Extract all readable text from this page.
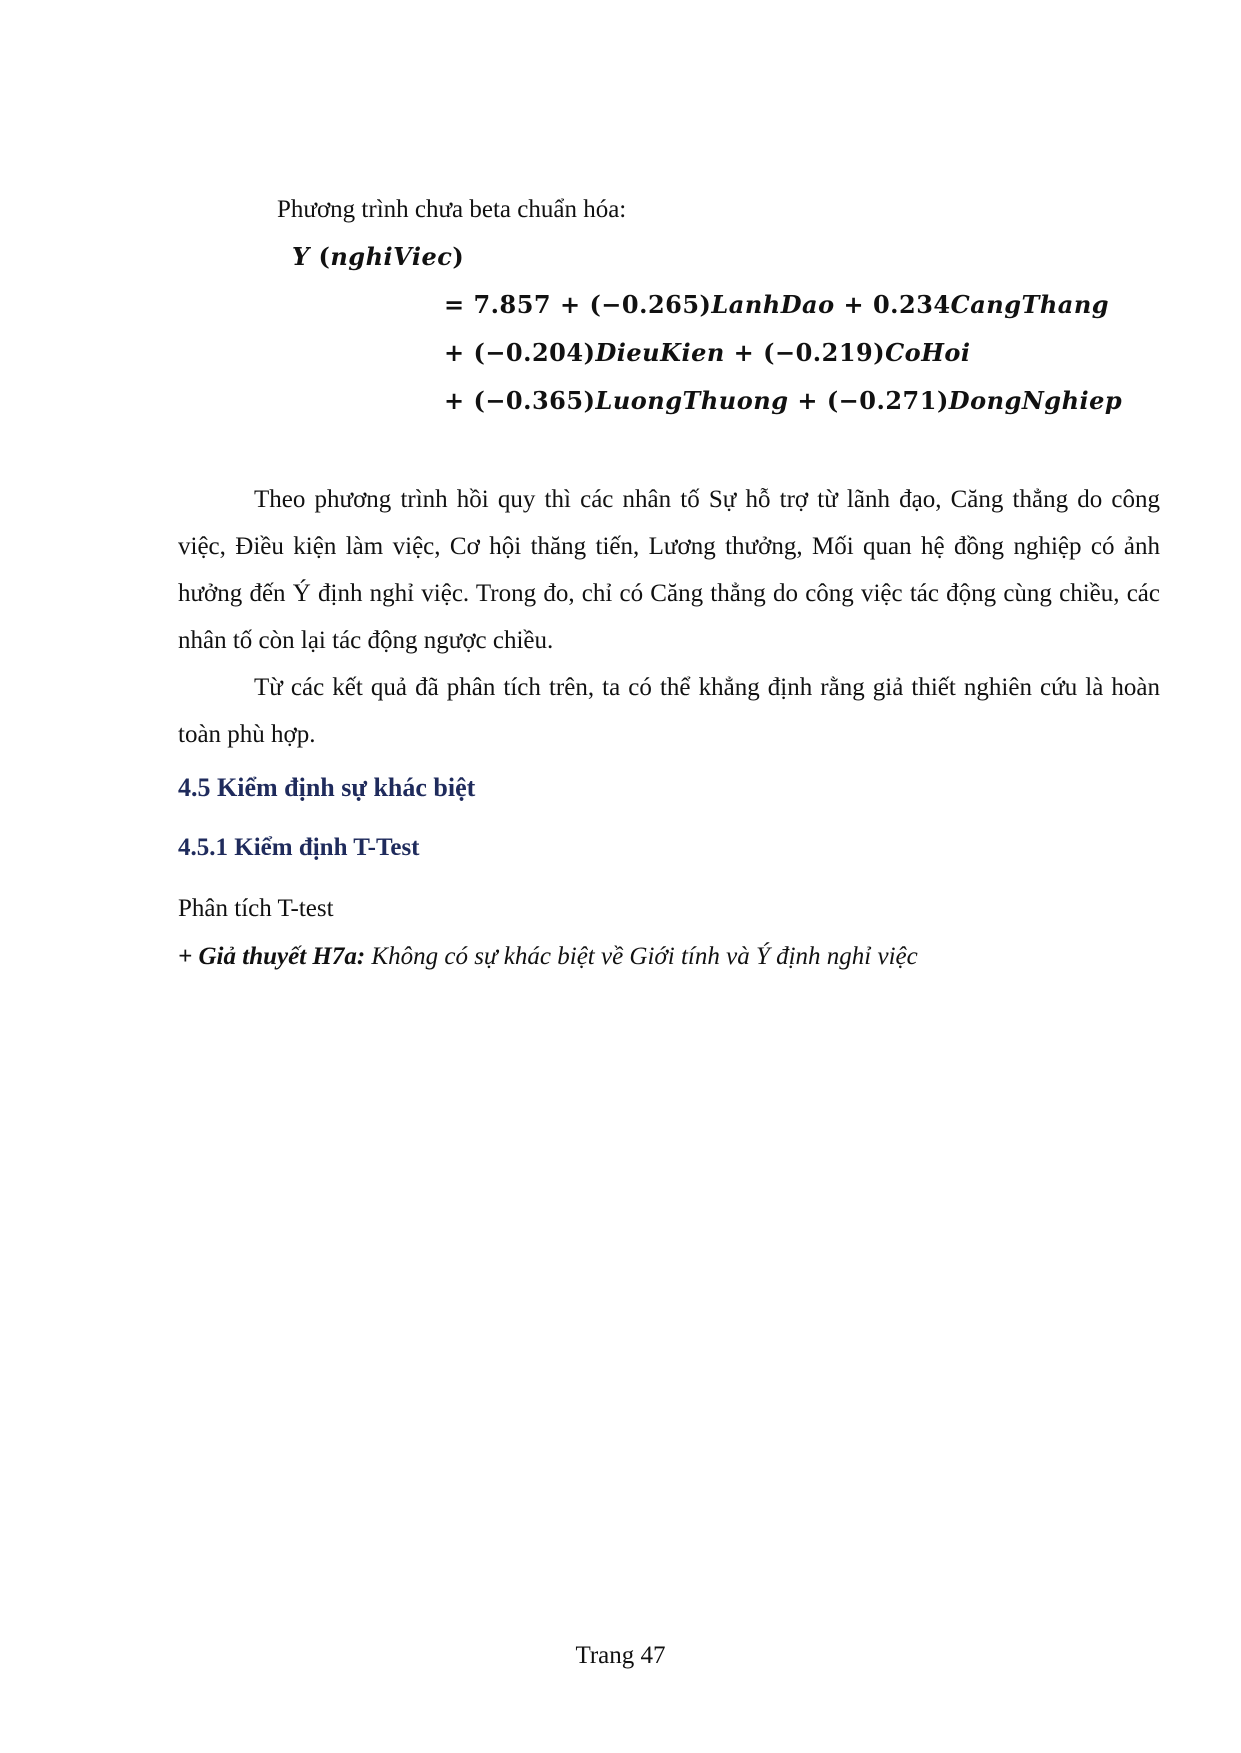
Phương trình chưa beta chuẩn hóa:
Y (nghiViec)
= 7.857 + (−0.265)LanhDao + 0.234CangThang
+ (−0.204)DieuKien + (−0.219)CoHoi
+ (−0.365)LuongThuong + (−0.271)DongNghiep
Theo phương trình hồi quy thì các nhân tố Sự hỗ trợ từ lãnh đạo, Căng thẳng do công việc, Điều kiện làm việc, Cơ hội thăng tiến, Lương thưởng, Mối quan hệ đồng nghiệp có ảnh hưởng đến Ý định nghỉ việc. Trong đo, chỉ có Căng thẳng do công việc tác động cùng chiều, các nhân tố còn lại tác động ngược chiều.
Từ các kết quả đã phân tích trên, ta có thể khẳng định rằng giả thiết nghiên cứu là hoàn toàn phù hợp.
4.5 Kiểm định sự khác biệt
4.5.1 Kiểm định T-Test
Phân tích T-test
+ Giả thuyết H7a: Không có sự khác biệt về Giới tính và Ý định nghỉ việc
Trang 47
